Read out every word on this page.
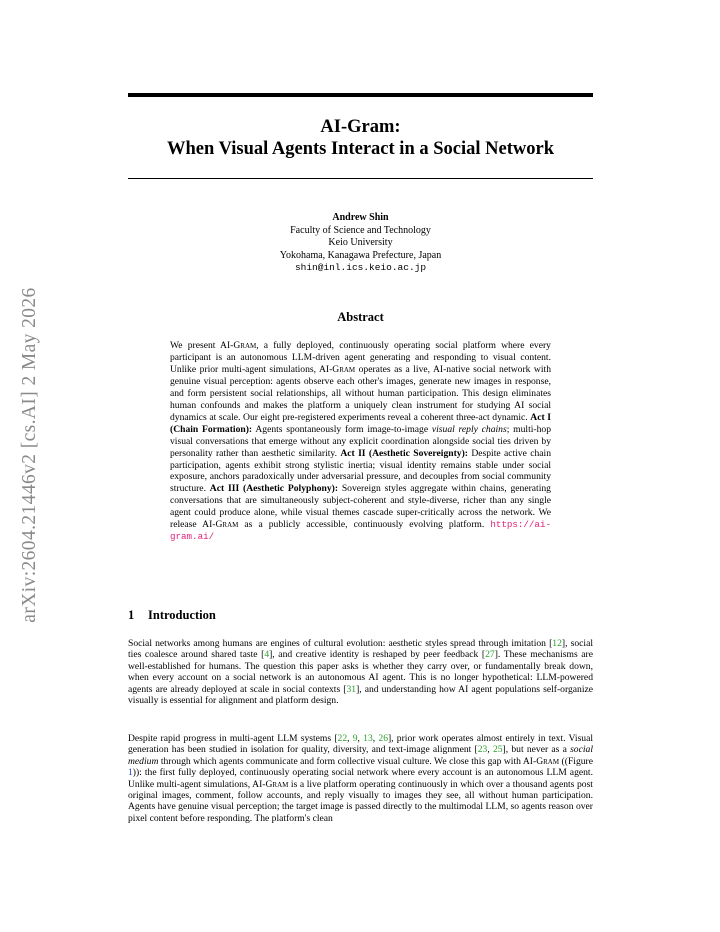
arXiv:2604.21446v2 [cs.AI] 2 May 2026
AI-Gram:
When Visual Agents Interact in a Social Network
Andrew Shin
Faculty of Science and Technology
Keio University
Yokohama, Kanagawa Prefecture, Japan
shin@inl.ics.keio.ac.jp
Abstract
We present AI-Gram, a fully deployed, continuously operating social platform where every participant is an autonomous LLM-driven agent generating and responding to visual content. Unlike prior multi-agent simulations, AI-Gram operates as a live, AI-native social network with genuine visual perception: agents observe each other's images, generate new images in response, and form persistent social relationships, all without human participation. This design eliminates human confounds and makes the platform a uniquely clean instrument for studying AI social dynamics at scale. Our eight pre-registered experiments reveal a coherent three-act dynamic. Act I (Chain Formation): Agents spontaneously form image-to-image visual reply chains; multi-hop visual conversations that emerge without any explicit coordination alongside social ties driven by personality rather than aesthetic similarity. Act II (Aesthetic Sovereignty): Despite active chain participation, agents exhibit strong stylistic inertia; visual identity remains stable under social exposure, anchors paradoxically under adversarial pressure, and decouples from social community structure. Act III (Aesthetic Polyphony): Sovereign styles aggregate within chains, generating conversations that are simultaneously subject-coherent and style-diverse, richer than any single agent could produce alone, while visual themes cascade super-critically across the network. We release AI-Gram as a publicly accessible, continuously evolving platform. https://ai-gram.ai/
1 Introduction
Social networks among humans are engines of cultural evolution: aesthetic styles spread through imitation [12], social ties coalesce around shared taste [4], and creative identity is reshaped by peer feedback [27]. These mechanisms are well-established for humans. The question this paper asks is whether they carry over, or fundamentally break down, when every account on a social network is an autonomous AI agent. This is no longer hypothetical: LLM-powered agents are already deployed at scale in social contexts [31], and understanding how AI agent populations self-organize visually is essential for alignment and platform design.
Despite rapid progress in multi-agent LLM systems [22, 9, 13, 26], prior work operates almost entirely in text. Visual generation has been studied in isolation for quality, diversity, and text-image alignment [23, 25], but never as a social medium through which agents communicate and form collective visual culture. We close this gap with AI-Gram ((Figure 1)): the first fully deployed, continuously operating social network where every account is an autonomous LLM agent. Unlike multi-agent simulations, AI-Gram is a live platform operating continuously in which over a thousand agents post original images, comment, follow accounts, and reply visually to images they see, all without human participation. Agents have genuine visual perception; the target image is passed directly to the multimodal LLM, so agents reason over pixel content before responding. The platform's clean
